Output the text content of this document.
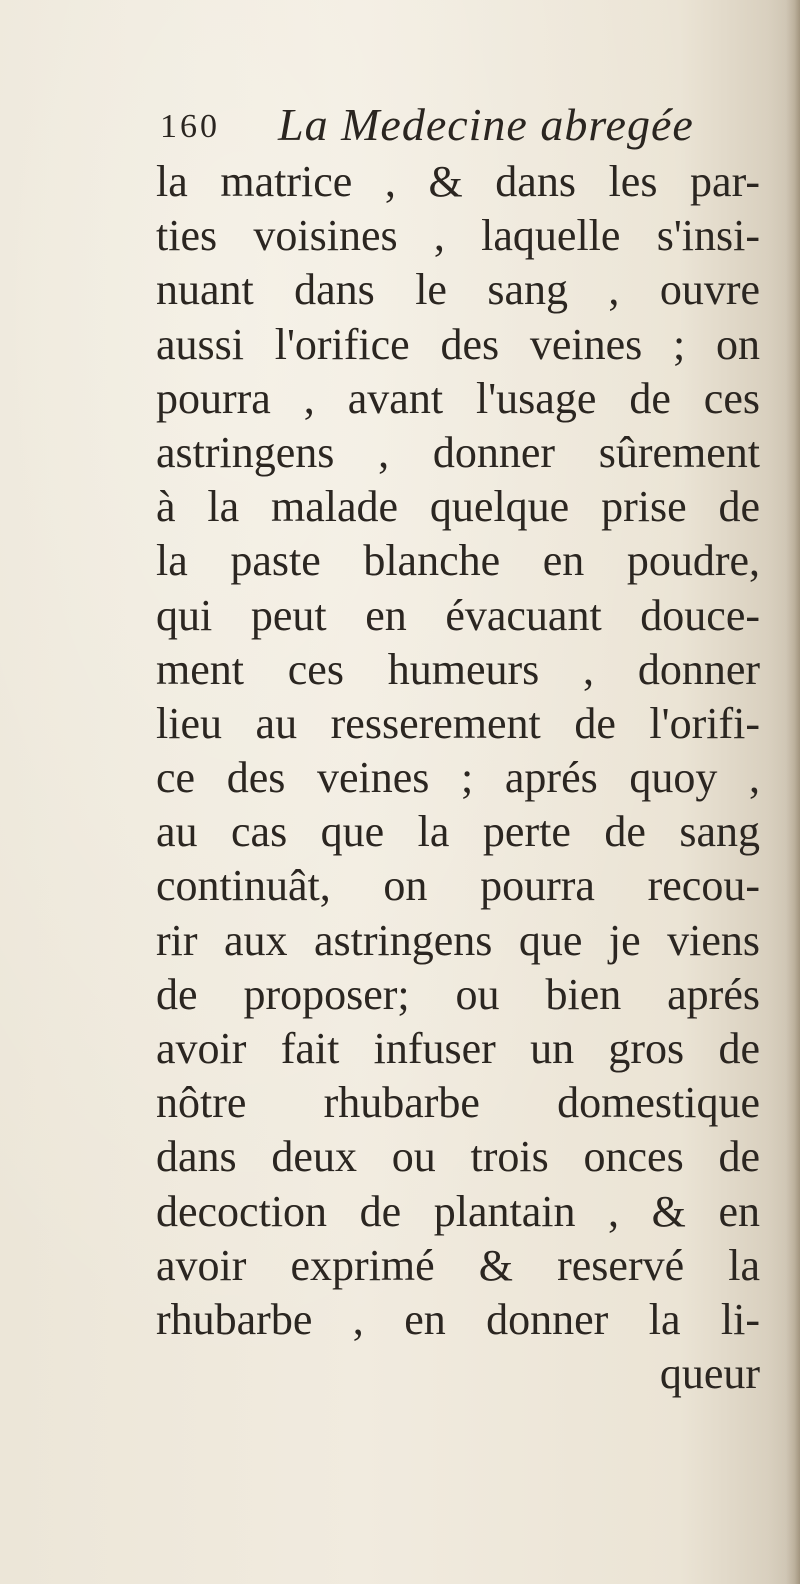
160 La Medecine abregée
la matrice , & dans les par-
ties voisines , laquelle s'insi-
nuant dans le sang , ouvre
aussi l'orifice des veines ; on
pourra , avant l'usage de ces
astringens , donner sûrement
à la malade quelque prise de
la paste blanche en poudre,
qui peut en évacuant douce-
ment ces humeurs , donner
lieu au resserement de l'orifi-
ce des veines ; aprés quoy ,
au cas que la perte de sang
continuât, on pourra recou-
rir aux astringens que je viens
de proposer; ou bien aprés
avoir fait infuser un gros de
nôtre rhubarbe domestique
dans deux ou trois onces de
decoction de plantain , & en
avoir exprimé & reservé la
rhubarbe , en donner la li-
queur
